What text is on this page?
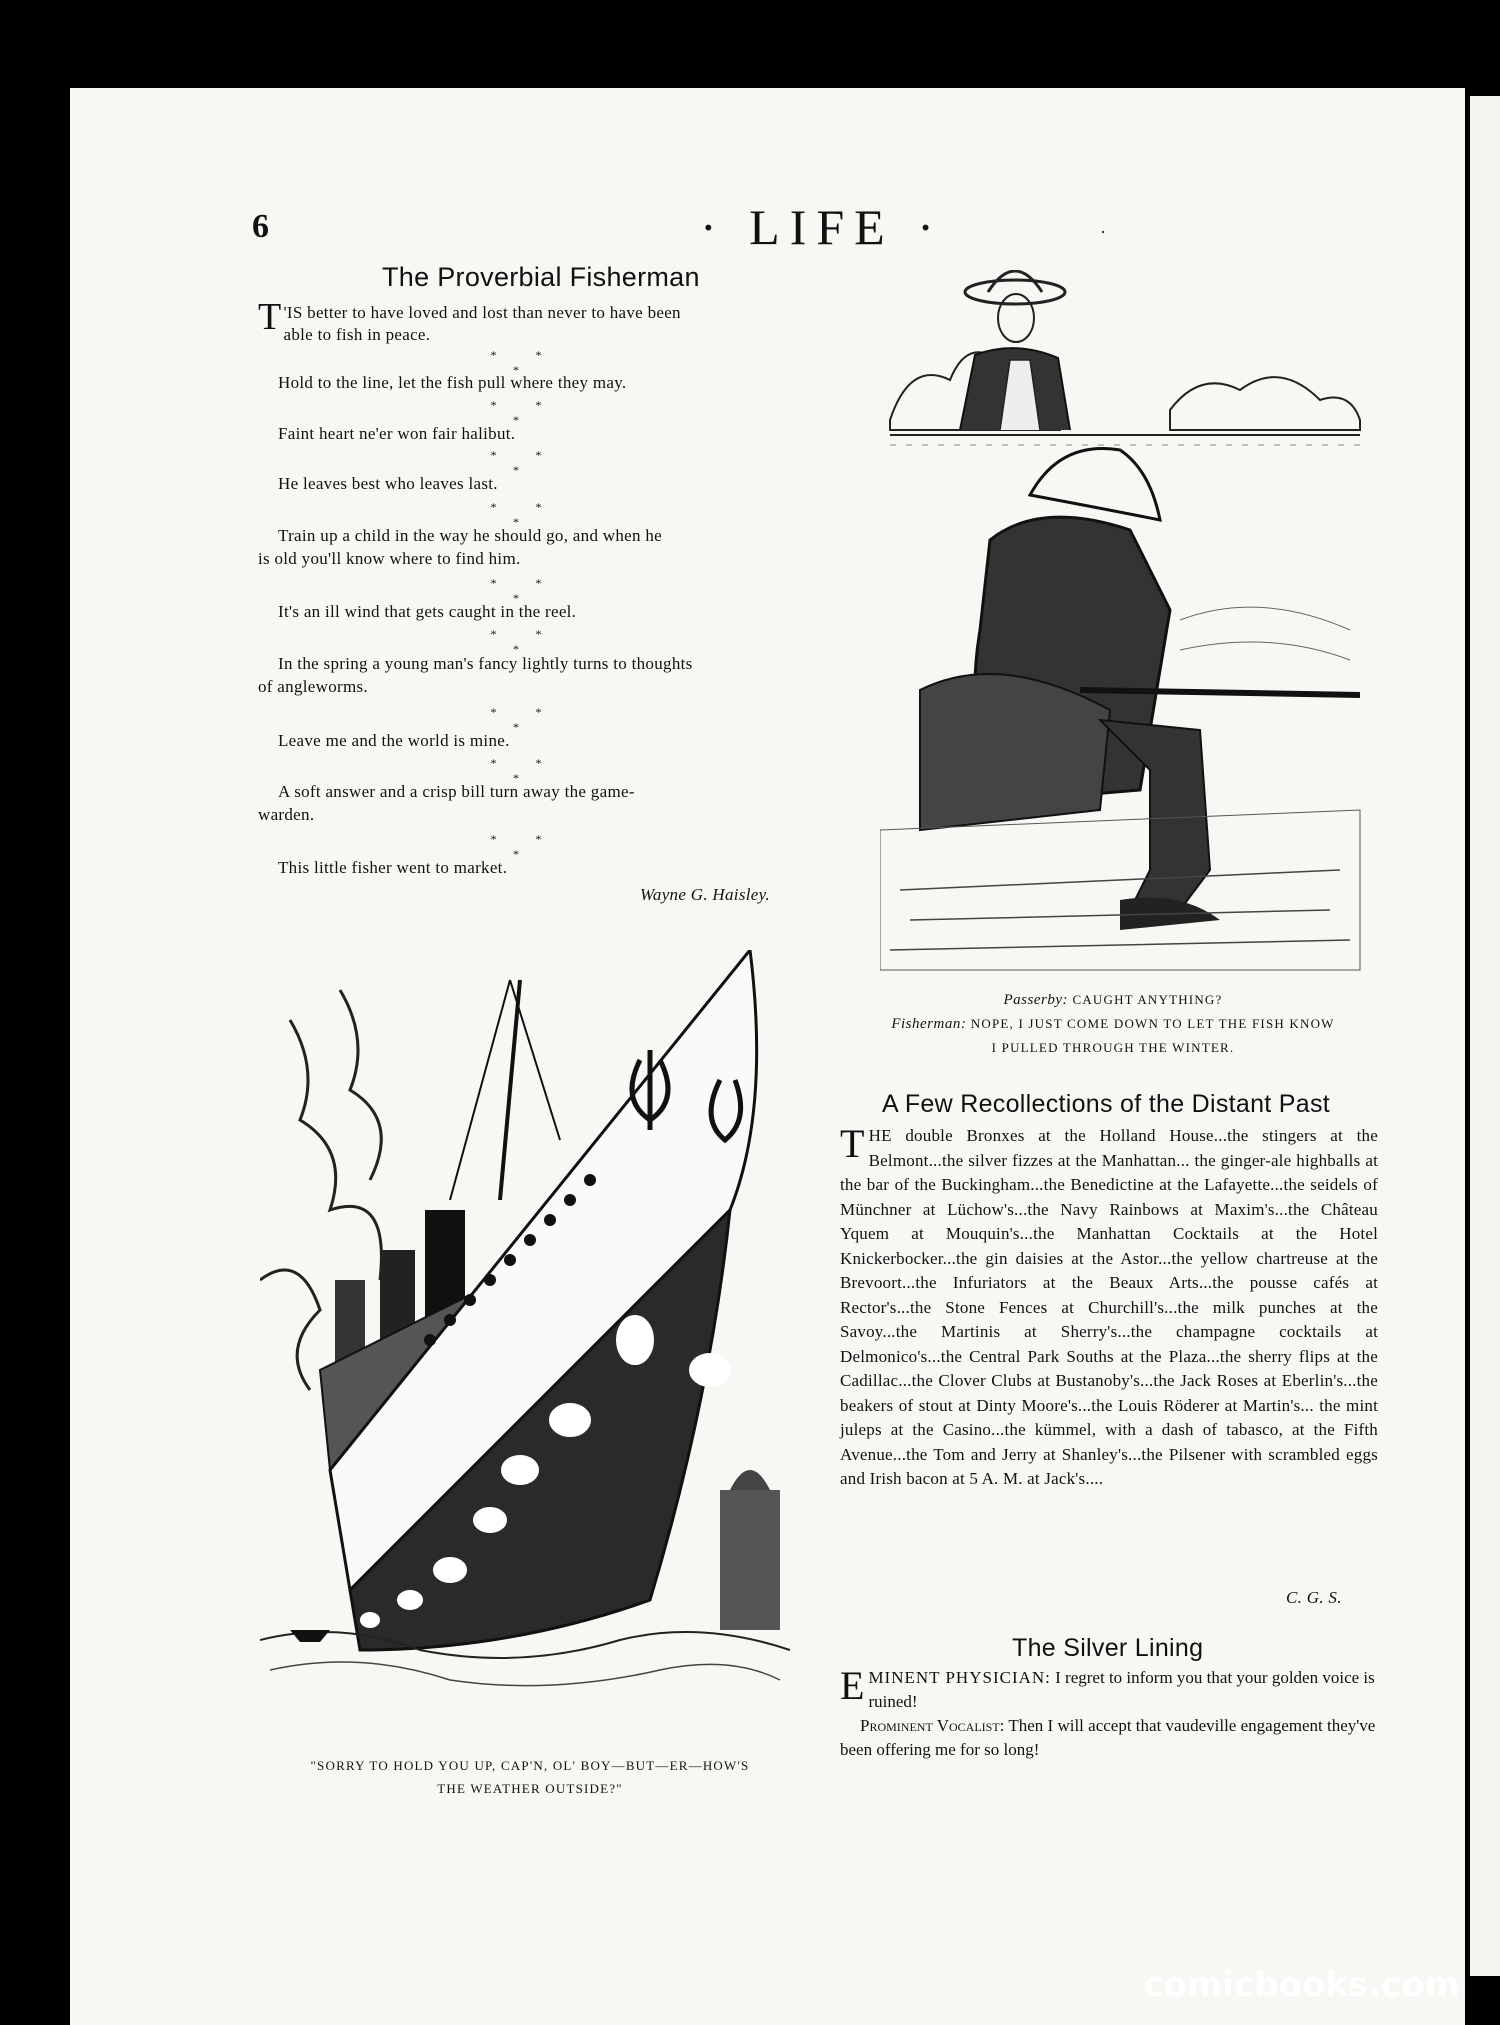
6	· LIFE ·	·
The Proverbial Fisherman
T 'IS better to have loved and lost than never to have been
able to fish in peace.
* * *
Hold to the line, let the fish pull where they may.
* * *
Faint heart ne'er won fair halibut.
* * *
He leaves best who leaves last.
* * *
Train up a child in the way he should go, and when he
is old you'll know where to find him.
* * *
It's an ill wind that gets caught in the reel.
* * *
In the spring a young man's fancy lightly turns to thoughts
of angleworms.
* * *
Leave me and the world is mine.
* * *
A soft answer and a crisp bill turn away the game-
warden.
* * *
This little fisher went to market.
Wayne G. Haisley.
Passerby: CAUGHT ANYTHING?
Fisherman: NOPE, I JUST COME DOWN TO LET THE FISH KNOW
I PULLED THROUGH THE WINTER.
"SORRY TO HOLD YOU UP, CAP'N, OL' BOY—BUT—ER—HOW'S
THE WEATHER OUTSIDE?"
A Few Recollections of the Distant Past
THE double Bronxes at the Holland House...the stingers at the Belmont...the silver fizzes at the Manhattan... the ginger-ale highballs at the bar of the Buckingham...the Benedictine at the Lafayette...the seidels of Münchner at Lüchow's...the Navy Rainbows at Maxim's...the Château Yquem at Mouquin's...the Manhattan Cocktails at the Hotel Knickerbocker...the gin daisies at the Astor...the yellow chartreuse at the Brevoort...the Infuriators at the Beaux Arts...the pousse cafés at Rector's...the Stone Fences at Churchill's...the milk punches at the Savoy...the Martinis at Sherry's...the champagne cocktails at Delmonico's...the Central Park Souths at the Plaza...the sherry flips at the Cadillac...the Clover Clubs at Bustanoby's...the Jack Roses at Eberlin's...the beakers of stout at Dinty Moore's...the Louis Röderer at Martin's... the mint juleps at the Casino...the kümmel, with a dash of tabasco, at the Fifth Avenue...the Tom and Jerry at Shanley's...the Pilsener with scrambled eggs and Irish bacon at 5 A. M. at Jack's....
C. G. S.
The Silver Lining
E MINENT PHYSICIAN: I regret to inform you that your golden voice is ruined!
Prominent Vocalist: Then I will accept that vaudeville engagement they've been offering me for so long!
comicbooks.com
